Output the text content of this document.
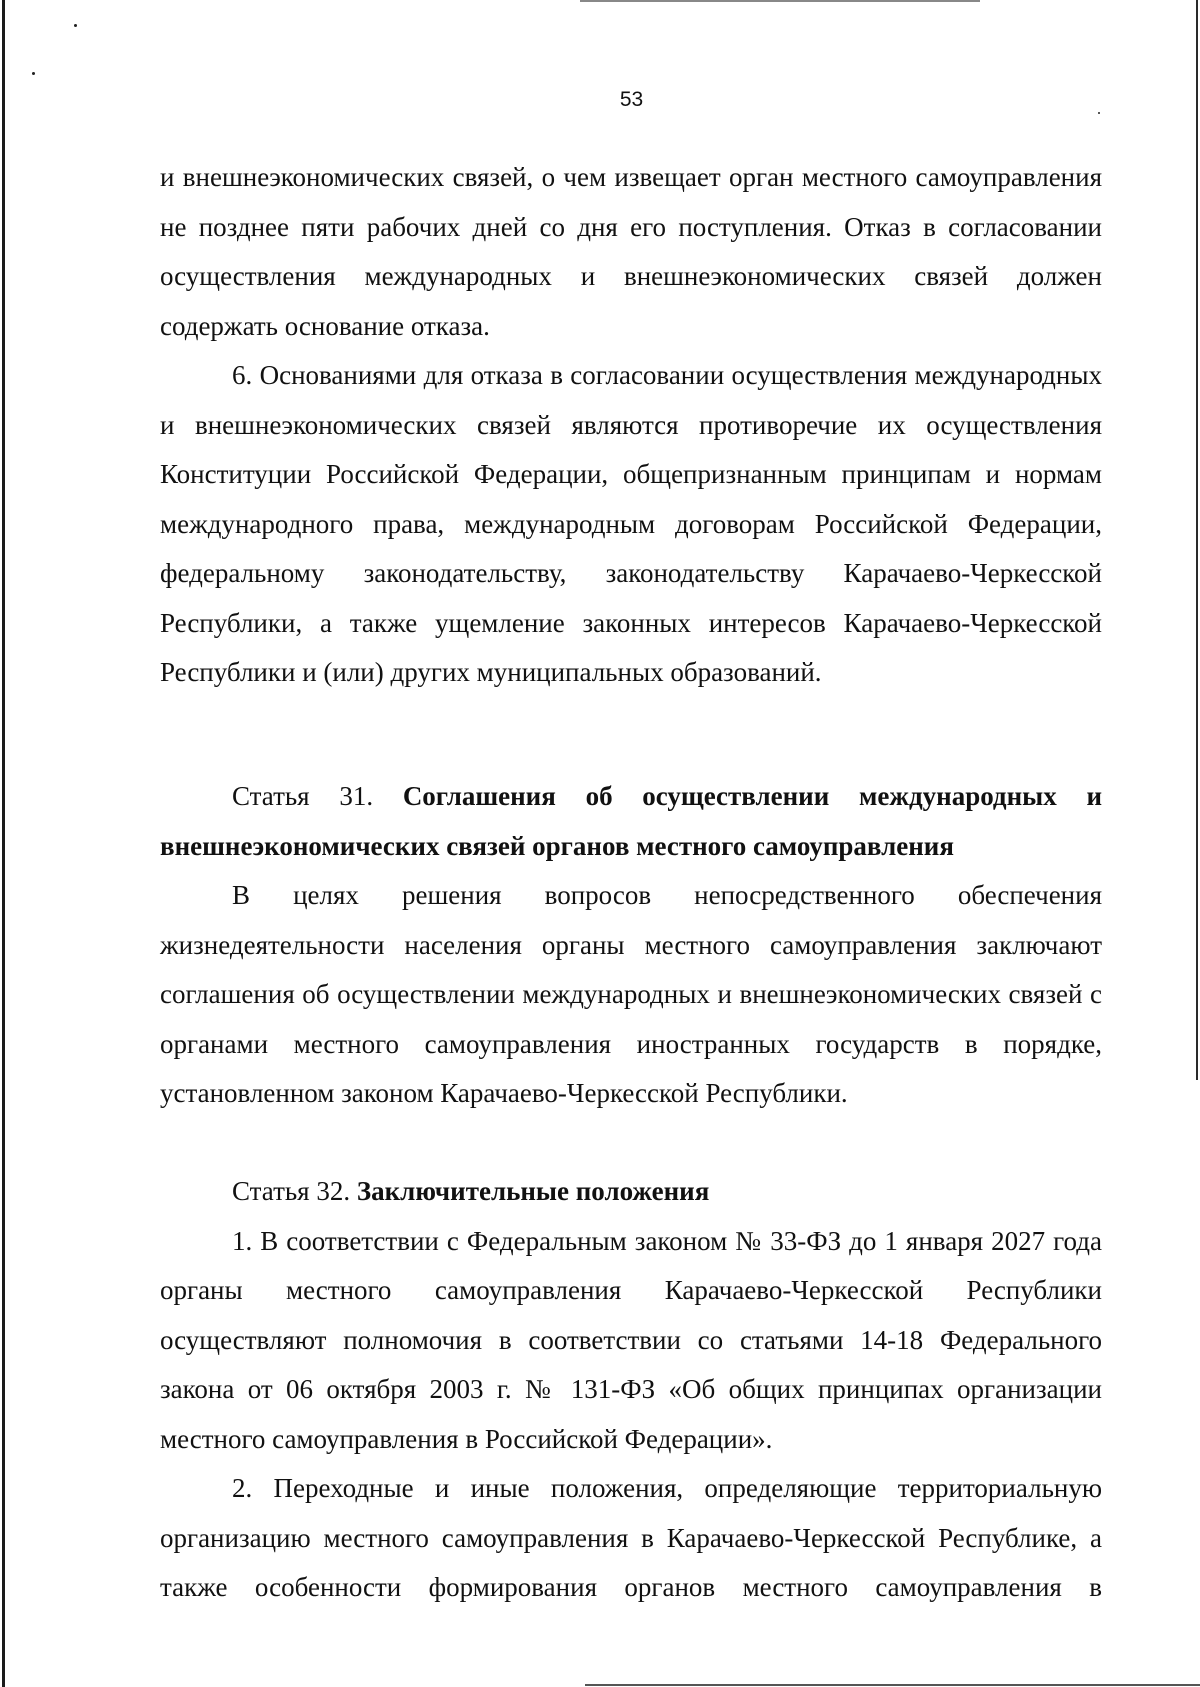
53

и внешнеэкономических связей, о чем извещает орган местного самоуправления не позднее пяти рабочих дней со дня его поступления. Отказ в согласовании осуществления международных и внешнеэкономических связей должен содержать основание отказа.

6. Основаниями для отказа в согласовании осуществления международных и внешнеэкономических связей являются противоречие их осуществления Конституции Российской Федерации, общепризнанным принципам и нормам международного права, международным договорам Российской Федерации, федеральному законодательству, законодательству Карачаево-Черкесской Республики, а также ущемление законных интересов Карачаево-Черкесской Республики и (или) других муниципальных образований.

Статья 31. Соглашения об осуществлении международных и внешнеэкономических связей органов местного самоуправления

В целях решения вопросов непосредственного обеспечения жизнедеятельности населения органы местного самоуправления заключают соглашения об осуществлении международных и внешнеэкономических связей с органами местного самоуправления иностранных государств в порядке, установленном законом Карачаево-Черкесской Республики.

Статья 32. Заключительные положения

1. В соответствии с Федеральным законом № 33-ФЗ до 1 января 2027 года органы местного самоуправления Карачаево-Черкесской Республики осуществляют полномочия в соответствии со статьями 14-18 Федерального закона от 06 октября 2003 г. № 131-ФЗ «Об общих принципах организации местного самоуправления в Российской Федерации».

2. Переходные и иные положения, определяющие территориальную организацию местного самоуправления в Карачаево-Черкесской Республике, а также особенности формирования органов местного самоуправления в
